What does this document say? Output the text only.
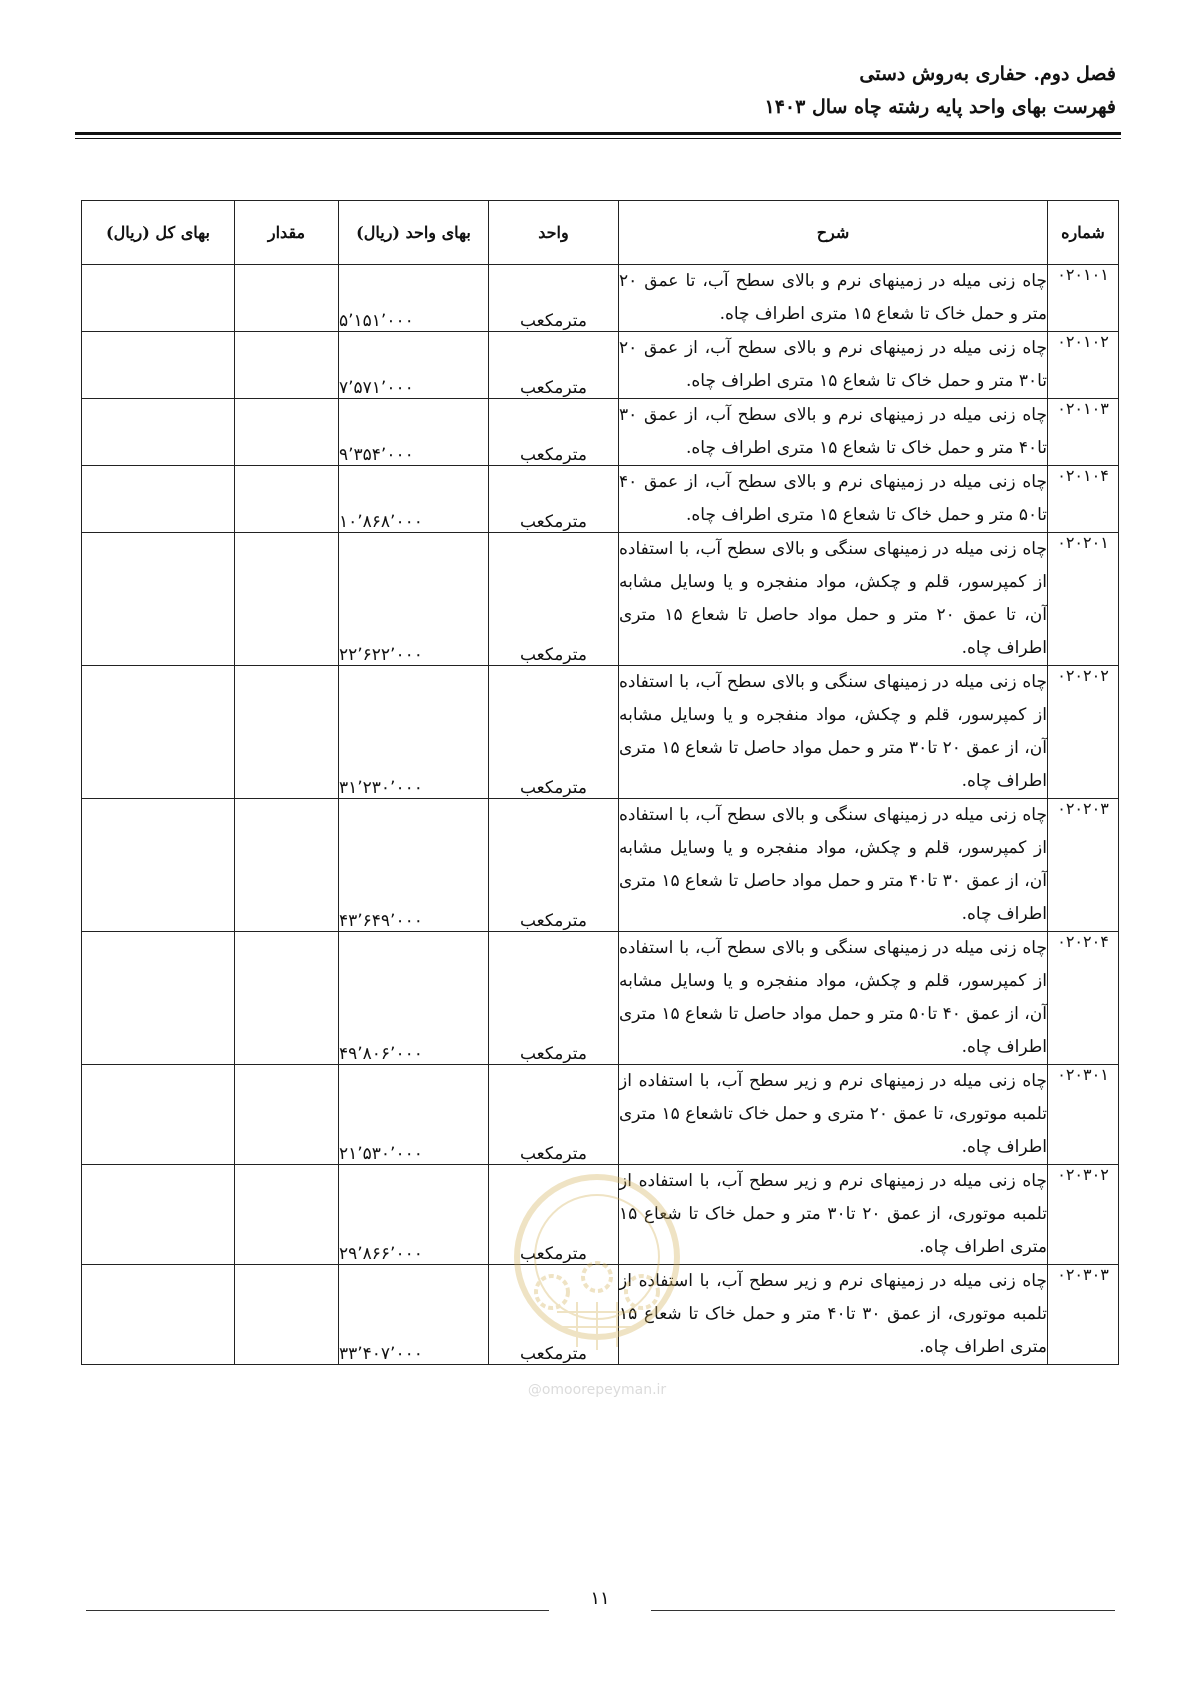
فصل دوم. حفاری به‌روش دستی

فهرست بهای واحد پایه رشته چاه سال ۱۴۰۳

شماره	شرح	واحد	بهای واحد (ریال)	مقدار	بهای کل (ریال)
۰۲۰۱۰۱	چاه زنی میله در زمینهای نرم و بالای سطح آب، تا عمق ۲۰ متر و حمل خاک تا شعاع ۱۵ متری اطراف چاه.	مترمکعب	۵٬۱۵۱٬۰۰۰		
۰۲۰۱۰۲	چاه زنی میله در زمینهای نرم و بالای سطح آب، از عمق ۲۰ تا۳۰ متر و حمل خاک تا شعاع ۱۵ متری اطراف چاه.	مترمکعب	۷٬۵۷۱٬۰۰۰		
۰۲۰۱۰۳	چاه زنی میله در زمینهای نرم و بالای سطح آب، از عمق ۳۰ تا۴۰ متر و حمل خاک تا شعاع ۱۵ متری اطراف چاه.	مترمکعب	۹٬۳۵۴٬۰۰۰		
۰۲۰۱۰۴	چاه زنی میله در زمینهای نرم و بالای سطح آب، از عمق ۴۰ تا۵۰ متر و حمل خاک تا شعاع ۱۵ متری اطراف چاه.	مترمکعب	۱۰٬۸۶۸٬۰۰۰		
۰۲۰۲۰۱	چاه زنی میله در زمینهای سنگی و بالای سطح آب، با استفاده از کمپرسور، قلم و چکش، مواد منفجره و یا وسایل مشابه آن، تا عمق ۲۰ متر و حمل مواد حاصل تا شعاع ۱۵ متری اطراف چاه.	مترمکعب	۲۲٬۶۲۲٬۰۰۰		
۰۲۰۲۰۲	چاه زنی میله در زمینهای سنگی و بالای سطح آب، با استفاده از کمپرسور، قلم و چکش، مواد منفجره و یا وسایل مشابه آن، از عمق ۲۰ تا۳۰ متر و حمل مواد حاصل تا شعاع ۱۵ متری اطراف چاه.	مترمکعب	۳۱٬۲۳۰٬۰۰۰		
۰۲۰۲۰۳	چاه زنی میله در زمینهای سنگی و بالای سطح آب، با استفاده از کمپرسور، قلم و چکش، مواد منفجره و یا وسایل مشابه آن، از عمق ۳۰ تا۴۰ متر و حمل مواد حاصل تا شعاع ۱۵ متری اطراف چاه.	مترمکعب	۴۳٬۶۴۹٬۰۰۰		
۰۲۰۲۰۴	چاه زنی میله در زمینهای سنگی و بالای سطح آب، با استفاده از کمپرسور، قلم و چکش، مواد منفجره و یا وسایل مشابه آن، از عمق ۴۰ تا۵۰ متر و حمل مواد حاصل تا شعاع ۱۵ متری اطراف چاه.	مترمکعب	۴۹٬۸۰۶٬۰۰۰		
۰۲۰۳۰۱	چاه زنی میله در زمینهای نرم و زیر سطح آب، با استفاده از تلمبه موتوری، تا عمق ۲۰ متری و حمل خاک تاشعاع ۱۵ متری اطراف چاه.	مترمکعب	۲۱٬۵۳۰٬۰۰۰		
۰۲۰۳۰۲	چاه زنی میله در زمینهای نرم و زیر سطح آب، با استفاده از تلمبه موتوری، از عمق ۲۰ تا۳۰ متر و حمل خاک تا شعاع ۱۵ متری اطراف چاه.	مترمکعب	۲۹٬۸۶۶٬۰۰۰		
۰۲۰۳۰۳	چاه زنی میله در زمینهای نرم و زیر سطح آب، با استفاده از تلمبه موتوری، از عمق ۳۰ تا۴۰ متر و حمل خاک تا شعاع ۱۵ متری اطراف چاه.	مترمکعب	۳۳٬۴۰۷٬۰۰۰		
@omoorepeyman.ir
۱۱
